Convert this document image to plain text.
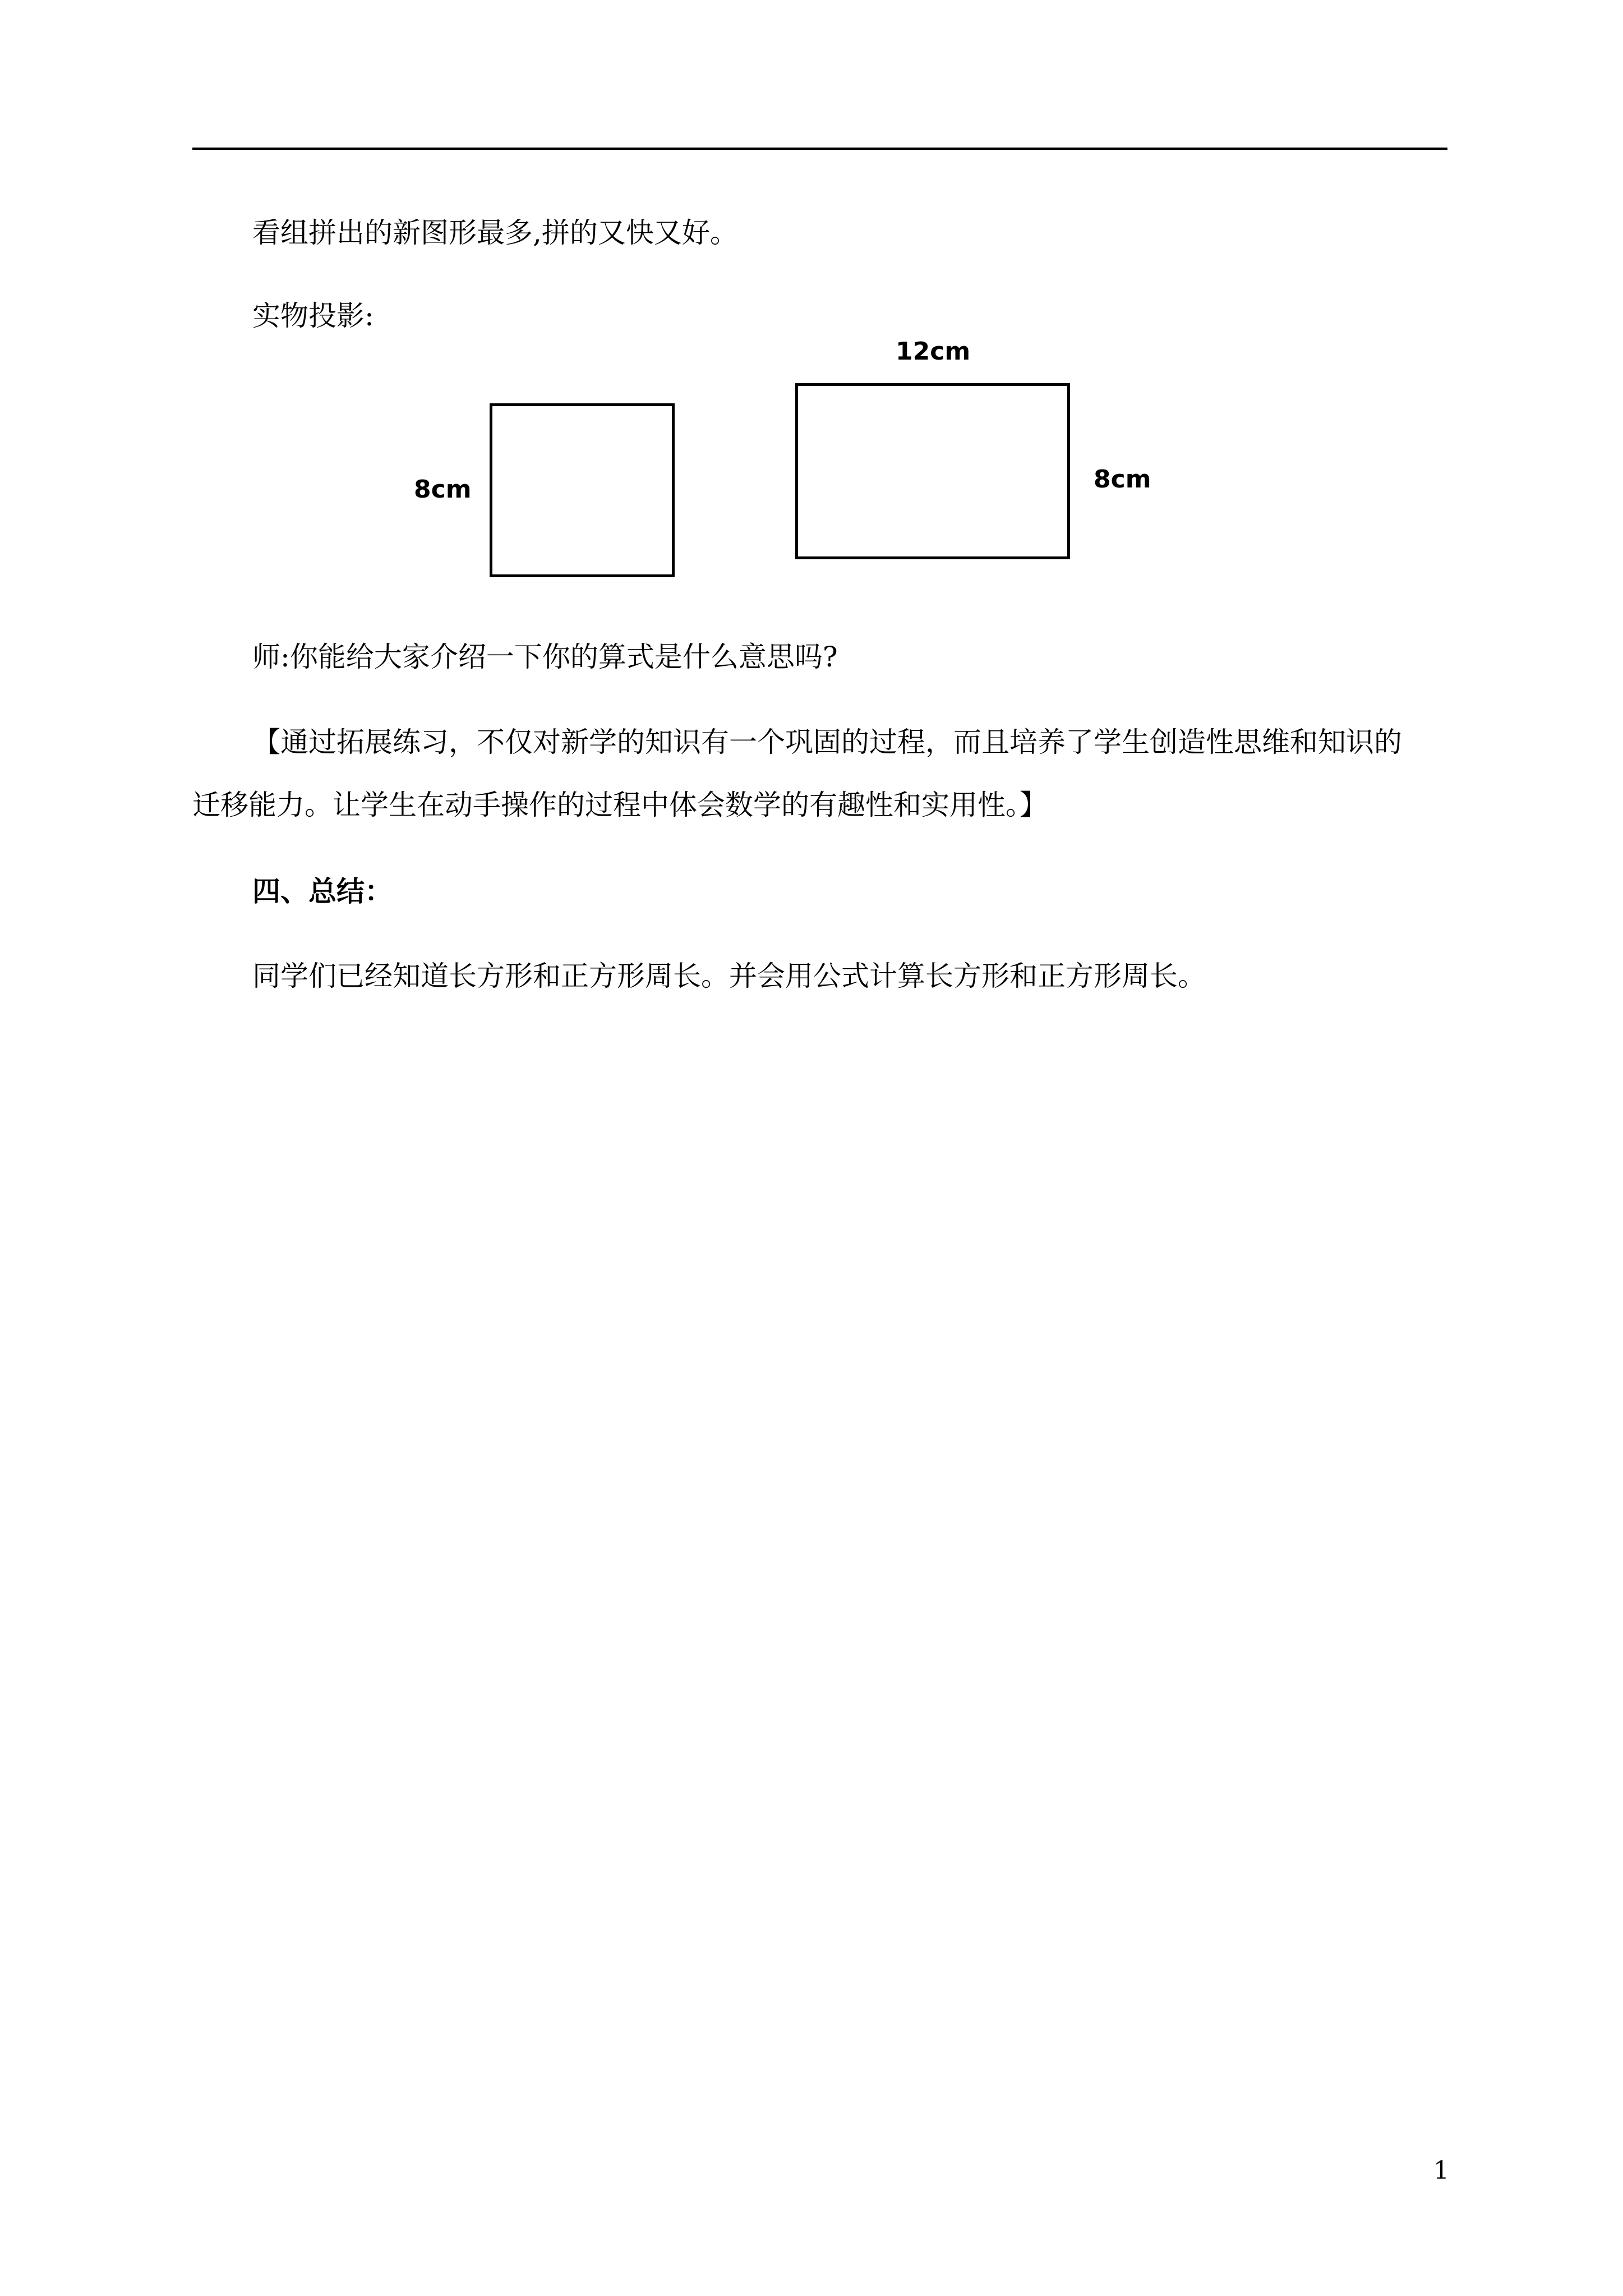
看组拼出的新图形最多,拼的又快又好。

实物投影:

8cm
12cm
8cm

师:你能给大家介绍一下你的算式是什么意思吗?

【通过拓展练习，不仅对新学的知识有一个巩固的过程，而且培养了学生创造性思维和知识的
迁移能力。让学生在动手操作的过程中体会数学的有趣性和实用性。】

四、总结：

同学们已经知道长方形和正方形周长。并会用公式计算长方形和正方形周长。

1
